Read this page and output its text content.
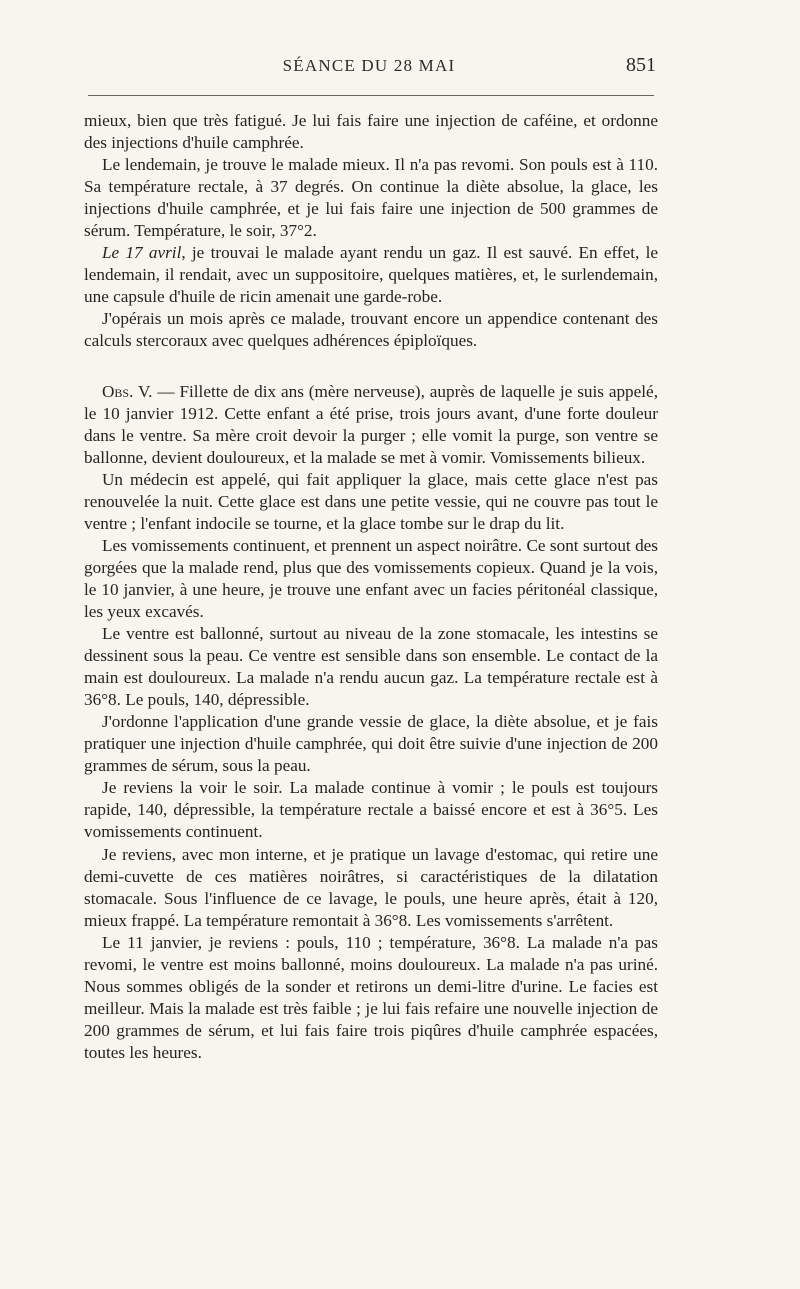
SÉANCE DU 28 MAI	851

mieux, bien que très fatigué. Je lui fais faire une injection de caféine, et ordonne des injections d'huile camphrée.

Le lendemain, je trouve le malade mieux. Il n'a pas revomi. Son pouls est à 110. Sa température rectale, à 37 degrés. On continue la diète absolue, la glace, les injections d'huile camphrée, et je lui fais faire une injection de 500 grammes de sérum. Température, le soir, 37°2.

Le 17 avril, je trouvai le malade ayant rendu un gaz. Il est sauvé. En effet, le lendemain, il rendait, avec un suppositoire, quelques matières, et, le surlendemain, une capsule d'huile de ricin amenait une garde-robe.

J'opérais un mois après ce malade, trouvant encore un appendice contenant des calculs stercoraux avec quelques adhérences épiploïques.

Obs. V. — Fillette de dix ans (mère nerveuse), auprès de laquelle je suis appelé, le 10 janvier 1912. Cette enfant a été prise, trois jours avant, d'une forte douleur dans le ventre. Sa mère croit devoir la purger ; elle vomit la purge, son ventre se ballonne, devient douloureux, et la malade se met à vomir. Vomissements bilieux.

Un médecin est appelé, qui fait appliquer la glace, mais cette glace n'est pas renouvelée la nuit. Cette glace est dans une petite vessie, qui ne couvre pas tout le ventre ; l'enfant indocile se tourne, et la glace tombe sur le drap du lit.

Les vomissements continuent, et prennent un aspect noirâtre. Ce sont surtout des gorgées que la malade rend, plus que des vomissements copieux. Quand je la vois, le 10 janvier, à une heure, je trouve une enfant avec un facies péritonéal classique, les yeux excavés.

Le ventre est ballonné, surtout au niveau de la zone stomacale, les intestins se dessinent sous la peau. Ce ventre est sensible dans son ensemble. Le contact de la main est douloureux. La malade n'a rendu aucun gaz. La température rectale est à 36°8. Le pouls, 140, dépressible.

J'ordonne l'application d'une grande vessie de glace, la diète absolue, et je fais pratiquer une injection d'huile camphrée, qui doit être suivie d'une injection de 200 grammes de sérum, sous la peau.

Je reviens la voir le soir. La malade continue à vomir ; le pouls est toujours rapide, 140, dépressible, la température rectale a baissé encore et est à 36°5. Les vomissements continuent.

Je reviens, avec mon interne, et je pratique un lavage d'estomac, qui retire une demi-cuvette de ces matières noirâtres, si caractéristiques de la dilatation stomacale. Sous l'influence de ce lavage, le pouls, une heure après, était à 120, mieux frappé. La température remontait à 36°8. Les vomissements s'arrêtent.

Le 11 janvier, je reviens : pouls, 110 ; température, 36°8. La malade n'a pas revomi, le ventre est moins ballonné, moins douloureux. La malade n'a pas uriné. Nous sommes obligés de la sonder et retirons un demi-litre d'urine. Le facies est meilleur. Mais la malade est très faible ; je lui fais refaire une nouvelle injection de 200 grammes de sérum, et lui fais faire trois piqûres d'huile camphrée espacées, toutes les heures.
